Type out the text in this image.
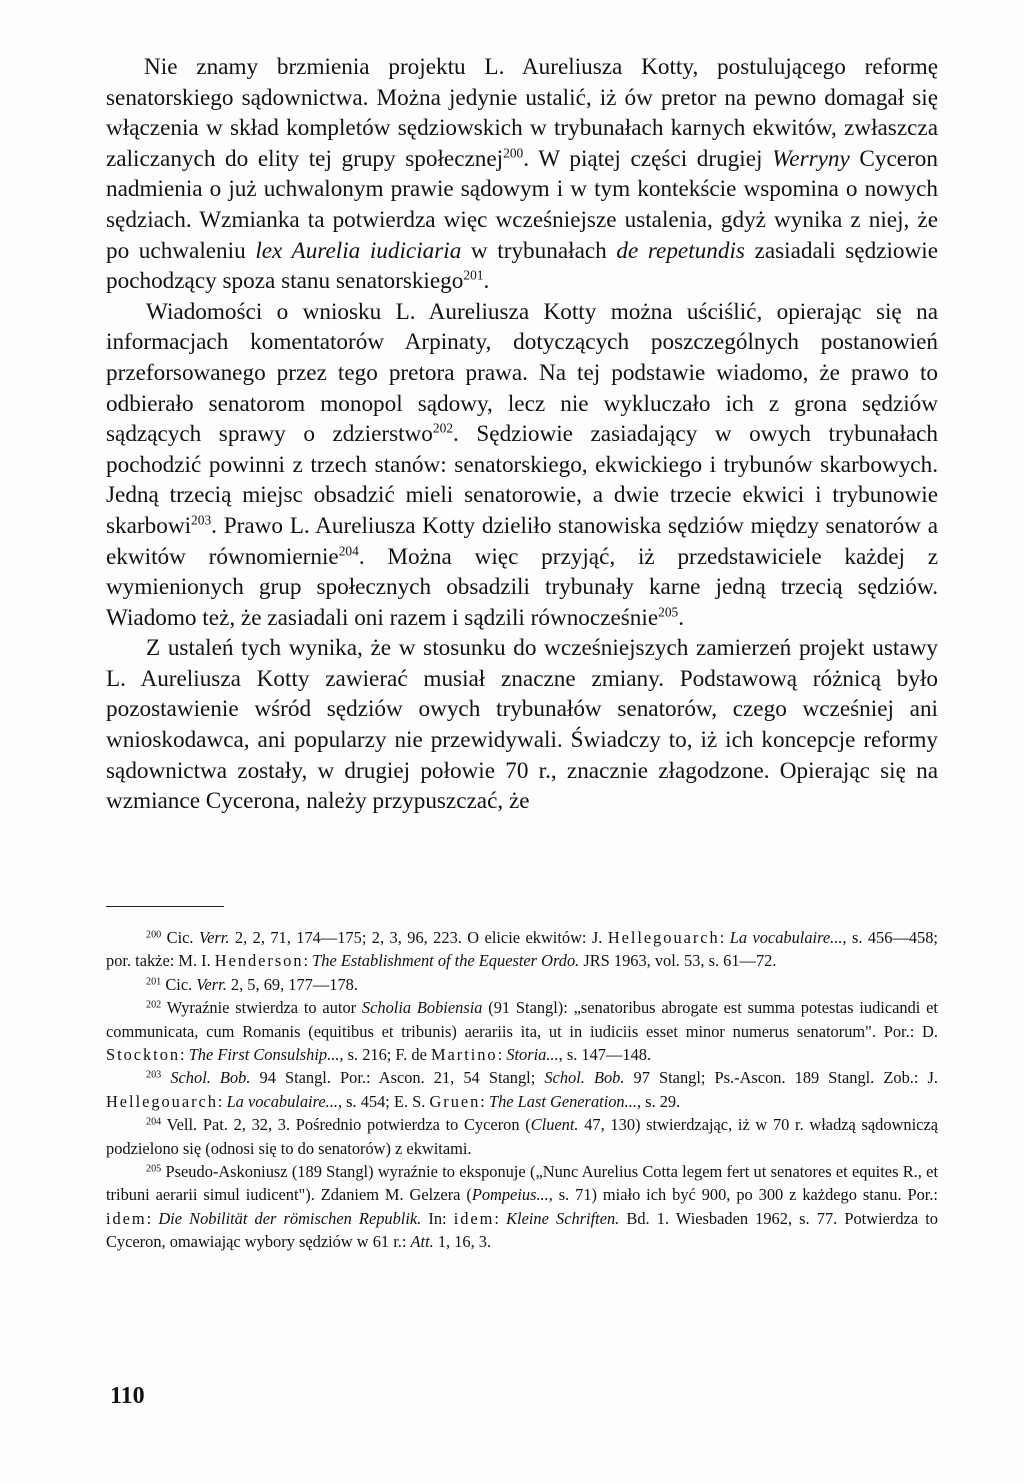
Nie znamy brzmienia projektu L. Aureliusza Kotty, postulującego reformę senatorskiego sądownictwa. Można jedynie ustalić, iż ów pretor na pewno domagał się włączenia w skład kompletów sędziowskich w trybunałach karnych ekwitów, zwłaszcza zaliczanych do elity tej grupy społecznej$^{200}$. W piątej części drugiej Werryny Cyceron nadmienia o już uchwalonym prawie sądowym i w tym kontekście wspomina o nowych sędziach. Wzmianka ta potwierdza więc wcześniejsze ustalenia, gdyż wynika z niej, że po uchwaleniu lex Aurelia iudiciaria w trybunałach de repetundis zasiadali sędziowie pochodzący spoza stanu senatorskiego$^{201}$.

Wiadomości o wniosku L. Aureliusza Kotty można uściślić, opierając się na informacjach komentatorów Arpinaty, dotyczących poszczególnych postanowień przeforsowanego przez tego pretora prawa. Na tej podstawie wiadomo, że prawo to odbierało senatorom monopol sądowy, lecz nie wykluczało ich z grona sędziów sądzących sprawy o zdzierstwo$^{202}$. Sędziowie zasiadający w owych trybunałach pochodzić powinni z trzech stanów: senatorskiego, ekwickiego i trybunów skarbowych. Jedną trzecią miejsc obsadzić mieli senatorowie, a dwie trzecie ekwici i trybunowie skarbowi$^{203}$. Prawo L. Aureliusza Kotty dzieliło stanowiska sędziów między senatorów a ekwitów równomiernie$^{204}$. Można więc przyjąć, iż przedstawiciele każdej z wymienionych grup społecznych obsadzili trybunały karne jedną trzecią sędziów. Wiadomo też, że zasiadali oni razem i sądzili równocześnie$^{205}$.

Z ustaleń tych wynika, że w stosunku do wcześniejszych zamierzeń projekt ustawy L. Aureliusza Kotty zawierać musiał znaczne zmiany. Podstawową różnicą było pozostawienie wśród sędziów owych trybunałów senatorów, czego wcześniej ani wnioskodawca, ani popularzy nie przewidywali. Świadczy to, iż ich koncepcje reformy sądownictwa zostały, w drugiej połowie 70 r., znacznie złagodzone. Opierając się na wzmiance Cycerona, należy przypuszczać, że

$^{200}$ Cic. Verr. 2, 2, 71, 174—175; 2, 3, 96, 223. O elicie ekwitów: J. Hellegouarch: La vocabulaire..., s. 456—458; por. także: M. I. Henderson: The Establishment of the Equester Ordo. JRS 1963, vol. 53, s. 61—72.

$^{201}$ Cic. Verr. 2, 5, 69, 177—178.

$^{202}$ Wyraźnie stwierdza to autor Scholia Bobiensia (91 Stangl): „senatoribus abrogate est summa potestas iudicandi et communicata, cum Romanis (equitibus et tribunis) aerariis ita, ut in iudiciis esset minor numerus senatorum". Por.: D. Stockton: The First Consulship..., s. 216; F. de Martino: Storia..., s. 147—148.

$^{203}$ Schol. Bob. 94 Stangl. Por.: Ascon. 21, 54 Stangl; Schol. Bob. 97 Stangl; Ps.-Ascon. 189 Stangl. Zob.: J. Hellegouarch: La vocabulaire..., s. 454; E. S. Gruen: The Last Generation..., s. 29.

$^{204}$ Vell. Pat. 2, 32, 3. Pośrednio potwierdza to Cyceron (Cluent. 47, 130) stwierdzając, iż w 70 r. władzą sądowniczą podzielono się (odnosi się to do senatorów) z ekwitami.

$^{205}$ Pseudo-Askoniusz (189 Stangl) wyraźnie to eksponuje („Nunc Aurelius Cotta legem fert ut senatores et equites R., et tribuni aerarii simul iudicent"). Zdaniem M. Gelzera (Pompeius..., s. 71) miało ich być 900, po 300 z każdego stanu. Por.: idem: Die Nobilität der römischen Republik. In: idem: Kleine Schriften. Bd. 1. Wiesbaden 1962, s. 77. Potwierdza to Cyceron, omawiając wybory sędziów w 61 r.: Att. 1, 16, 3.

110
